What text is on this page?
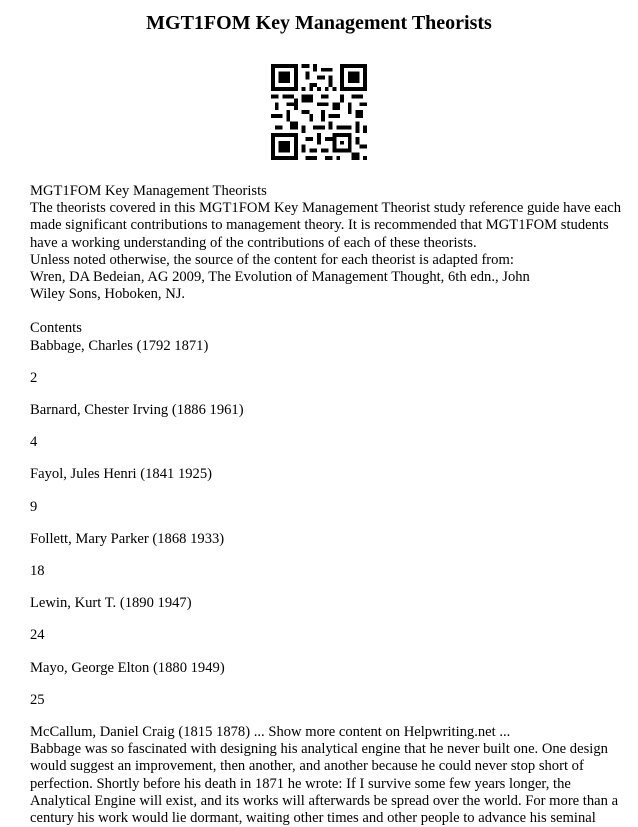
MGT1FOM Key Management Theorists
MGT1FOM Key Management Theorists
The theorists covered in this MGT1FOM Key Management Theorist study reference guide have each
made significant contributions to management theory. It is recommended that MGT1FOM students
have a working understanding of the contributions of each of these theorists.
Unless noted otherwise, the source of the content for each theorist is adapted from:
Wren, DA Bedeian, AG 2009, The Evolution of Management Thought, 6th edn., John
Wiley Sons, Hoboken, NJ.
Contents
Babbage, Charles (1792 1871)
2
Barnard, Chester Irving (1886 1961)
4
Fayol, Jules Henri (1841 1925)
9
Follett, Mary Parker (1868 1933)
18
Lewin, Kurt T. (1890 1947)
24
Mayo, George Elton (1880 1949)
25
McCallum, Daniel Craig (1815 1878) ... Show more content on Helpwriting.net ...
Babbage was so fascinated with designing his analytical engine that he never built one. One design
would suggest an improvement, then another, and another because he could never stop short of
perfection. Shortly before his death in 1871 he wrote: If I survive some few years longer, the
Analytical Engine will exist, and its works will afterwards be spread over the world. For more than a
century his work would lie dormant, waiting other times and other people to advance his seminal
